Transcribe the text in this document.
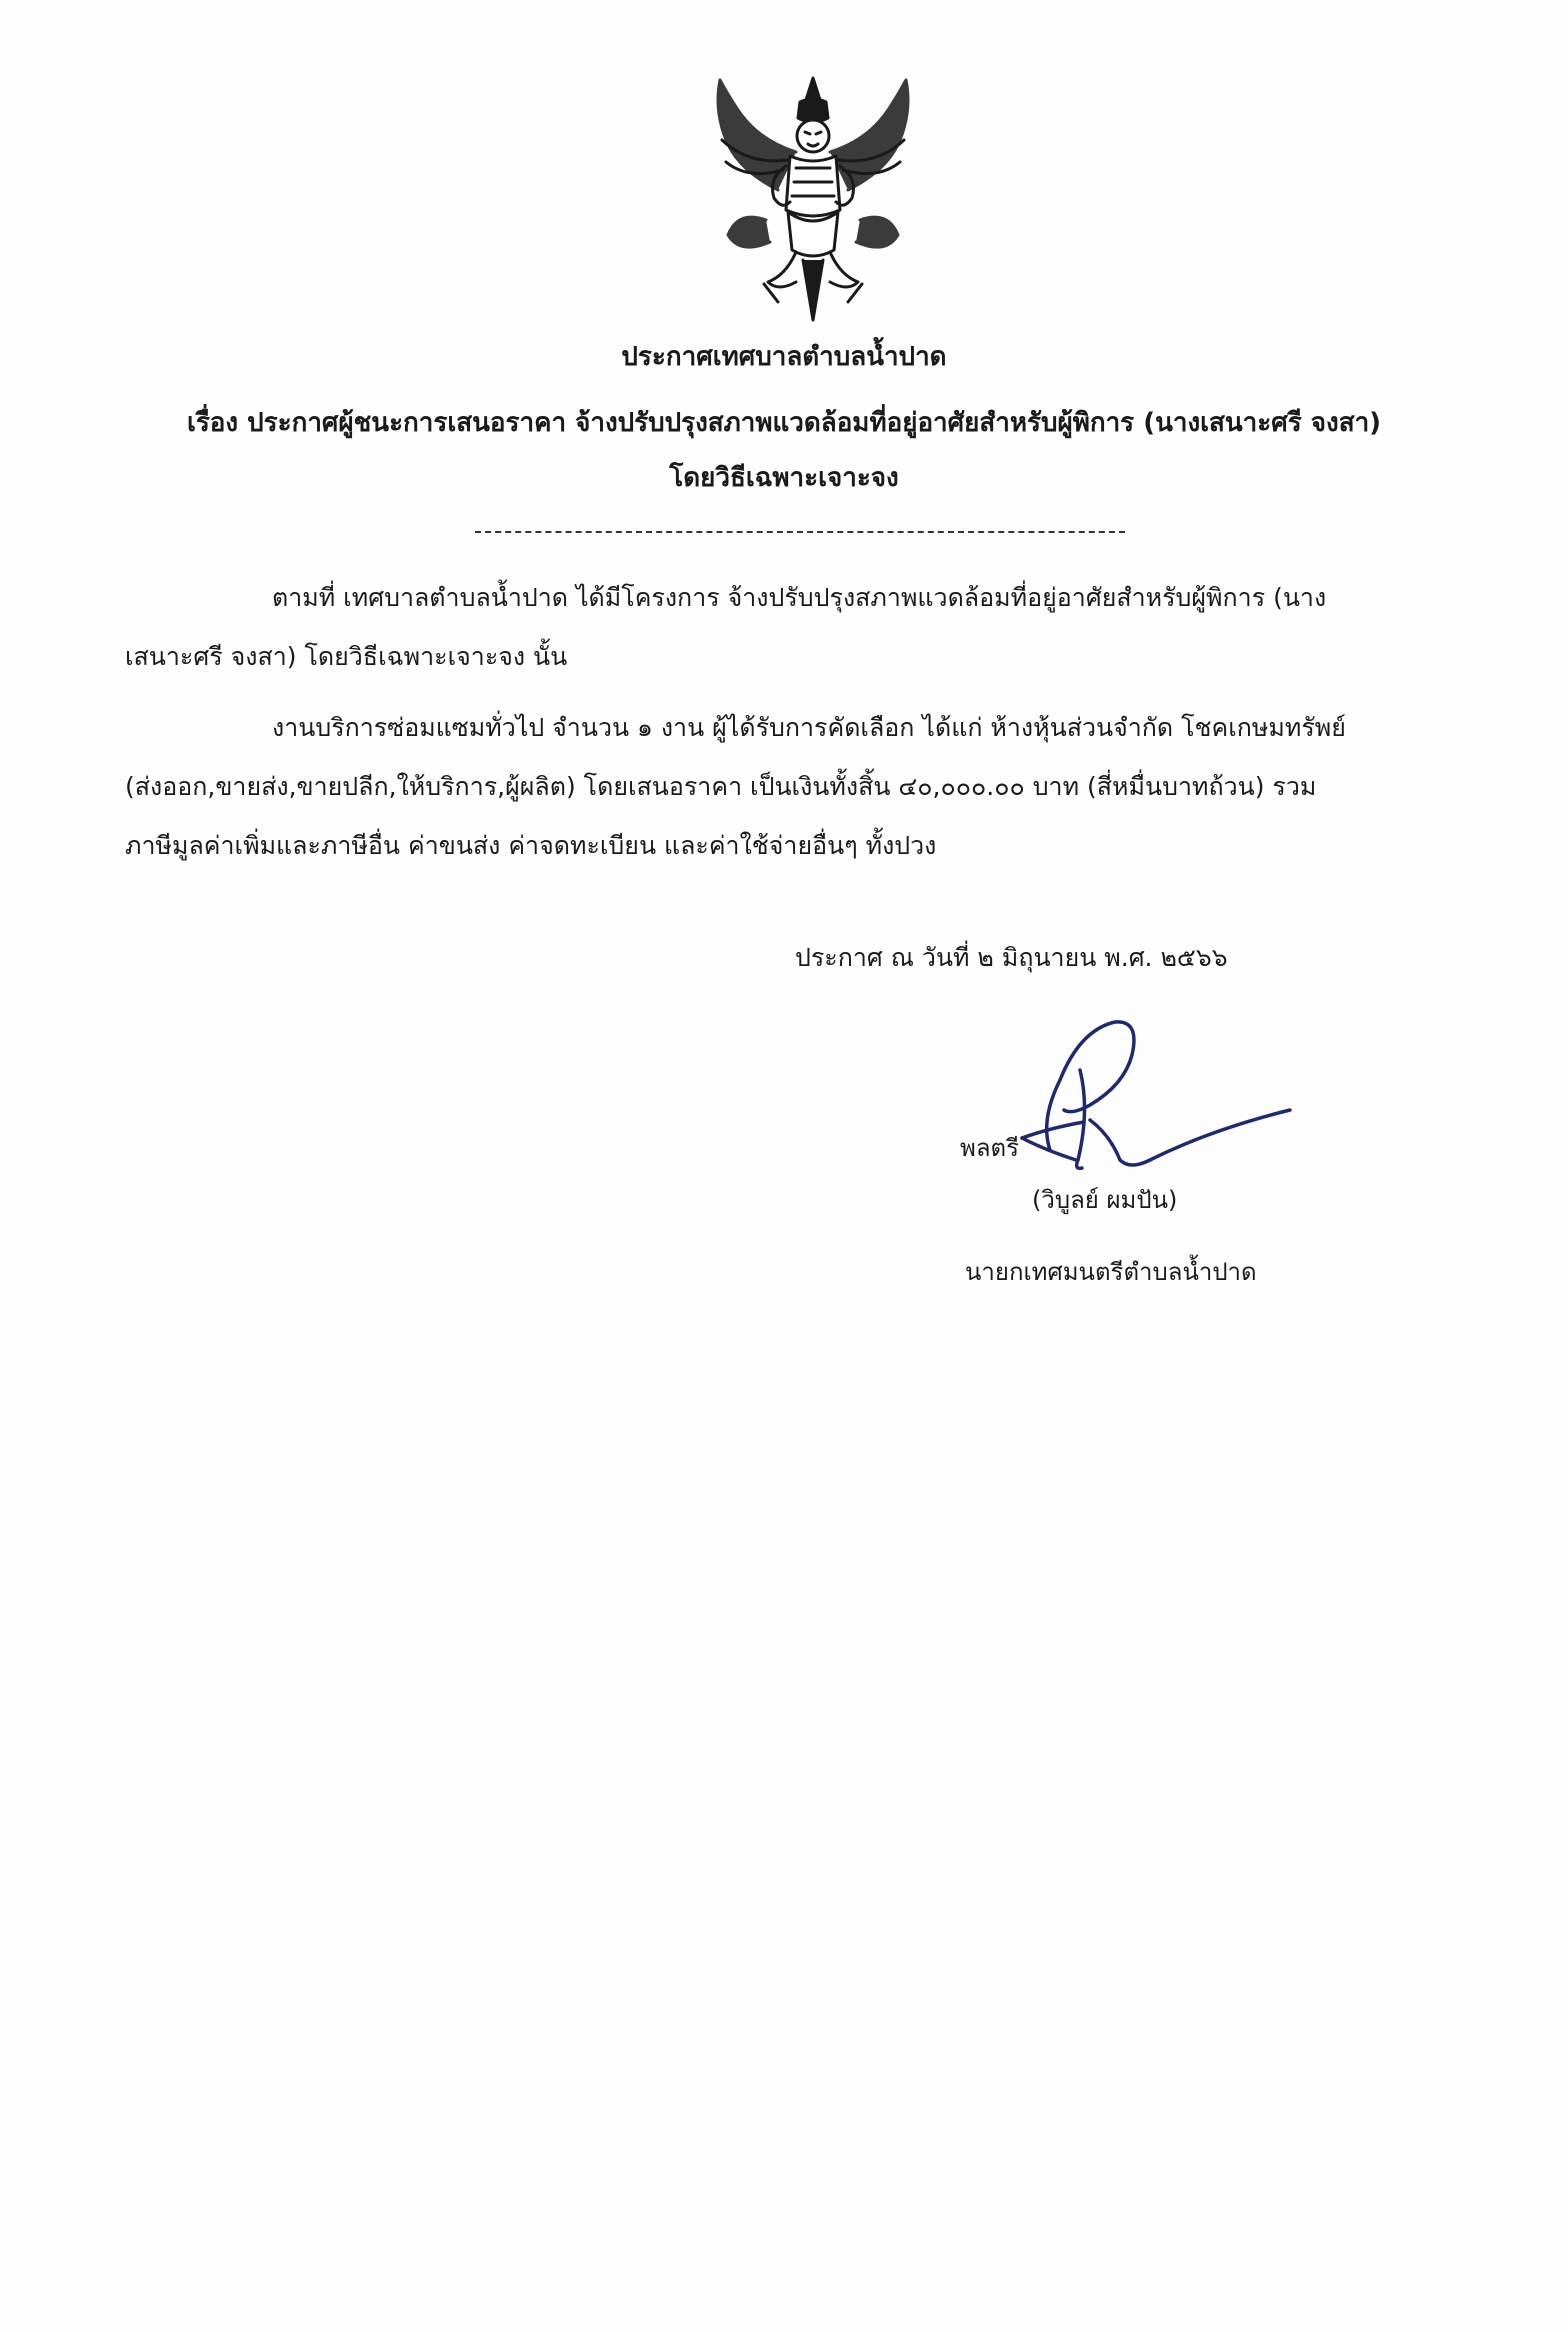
ประกาศเทศบาลตำบลน้ำปาด
เรื่อง ประกาศผู้ชนะการเสนอราคา จ้างปรับปรุงสภาพแวดล้อมที่อยู่อาศัยสำหรับผู้พิการ (นางเสนาะศรี จงสา)
โดยวิธีเฉพาะเจาะจง
ตามที่ เทศบาลตำบลน้ำปาด ได้มีโครงการ จ้างปรับปรุงสภาพแวดล้อมที่อยู่อาศัยสำหรับผู้พิการ (นาง
เสนาะศรี จงสา) โดยวิธีเฉพาะเจาะจง นั้น
งานบริการซ่อมแซมทั่วไป จำนวน ๑ งาน ผู้ได้รับการคัดเลือก ได้แก่ ห้างหุ้นส่วนจำกัด โชคเกษมทรัพย์
(ส่งออก,ขายส่ง,ขายปลีก,ให้บริการ,ผู้ผลิต) โดยเสนอราคา เป็นเงินทั้งสิ้น ๔๐,๐๐๐.๐๐ บาท (สี่หมื่นบาทถ้วน) รวม
ภาษีมูลค่าเพิ่มและภาษีอื่น ค่าขนส่ง ค่าจดทะเบียน และค่าใช้จ่ายอื่นๆ ทั้งปวง
ประกาศ ณ วันที่ ๒ มิถุนายน พ.ศ. ๒๕๖๖
พลตรี
(วิบูลย์ ผมปัน)
นายกเทศมนตรีตำบลน้ำปาด
